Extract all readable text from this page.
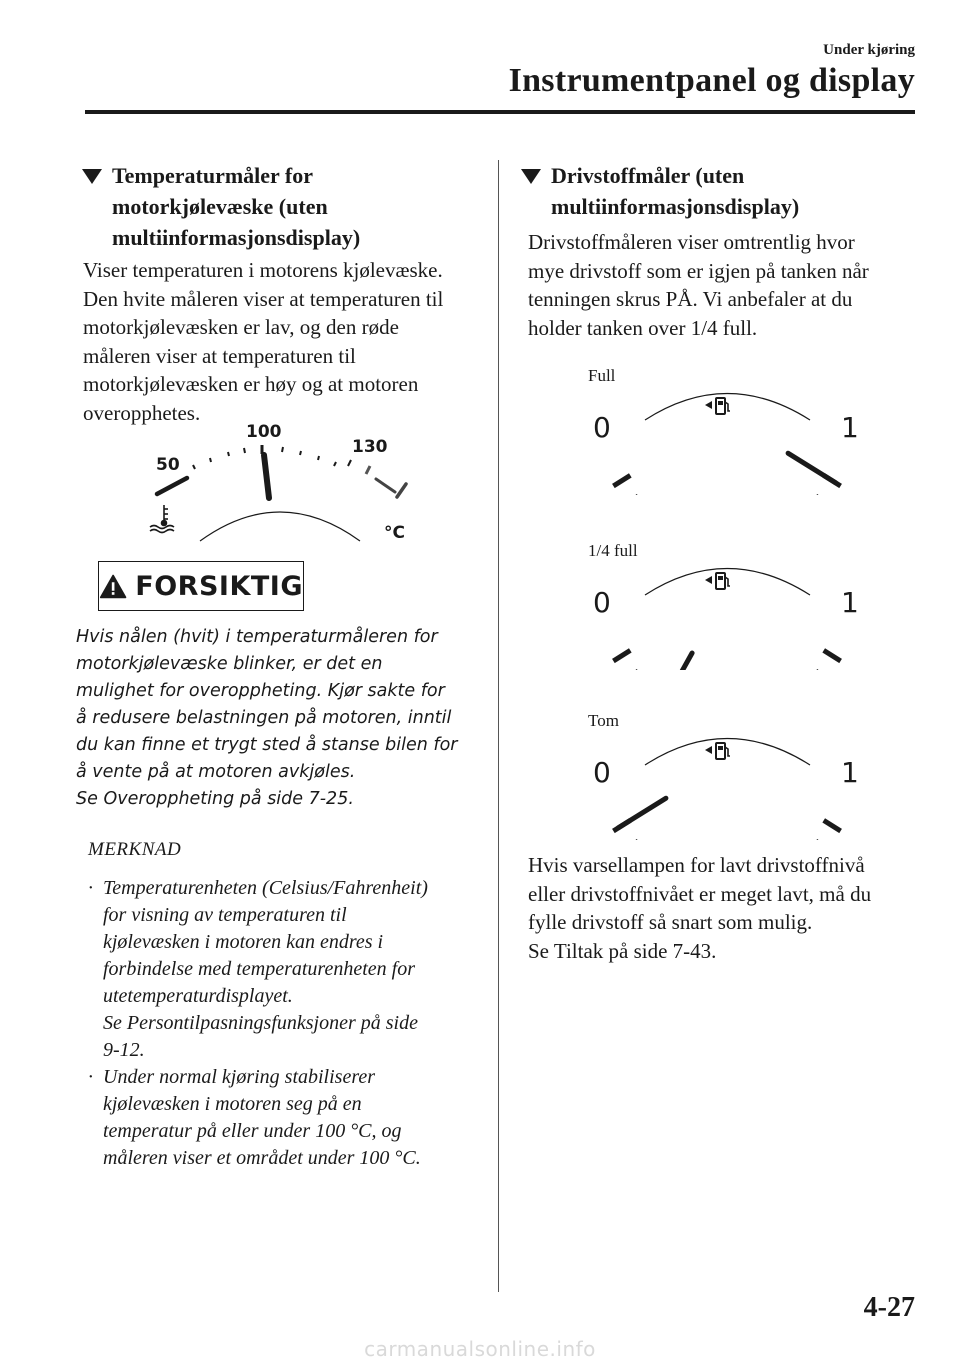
Under kjøring
Instrumentpanel og display
Temperaturmåler for
motorkjølevæske (uten
multiinformasjonsdisplay)
Viser temperaturen i motorens kjølevæske.
Den hvite måleren viser at temperaturen til
motorkjølevæsken er lav, og den røde
måleren viser at temperaturen til
motorkjølevæsken er høy og at motoren
overopphetes.
50
100
130
°C
FORSIKTIG
Hvis nålen (hvit) i temperaturmåleren for
motorkjølevæske blinker, er det en
mulighet for overoppheting. Kjør sakte for
å redusere belastningen på motoren, inntil
du kan finne et trygt sted å stanse bilen for
å vente på at motoren avkjøles.
Se Overoppheting på side 7-25.
MERKNAD
· Temperaturenheten (Celsius/Fahrenheit)
for visning av temperaturen til
kjølevæsken i motoren kan endres i
forbindelse med temperaturenheten for
utetemperaturdisplayet.
Se Persontilpasningsfunksjoner på side
9-12.
· Under normal kjøring stabiliserer
kjølevæsken i motoren seg på en
temperatur på eller under 100 °C, og
måleren viser et området under 100 °C.
Drivstoffmåler (uten
multiinformasjonsdisplay)
Drivstoffmåleren viser omtrentlig hvor
mye drivstoff som er igjen på tanken når
tenningen skrus PÅ. Vi anbefaler at du
holder tanken over 1/4 full.
Full
0	1
1/4 full
0	1
Tom
0	1
Hvis varsellampen for lavt drivstoffnivå
eller drivstoffnivået er meget lavt, må du
fylle drivstoff så snart som mulig.
Se Tiltak på side 7-43.
4-27
carmanualsonline.info
